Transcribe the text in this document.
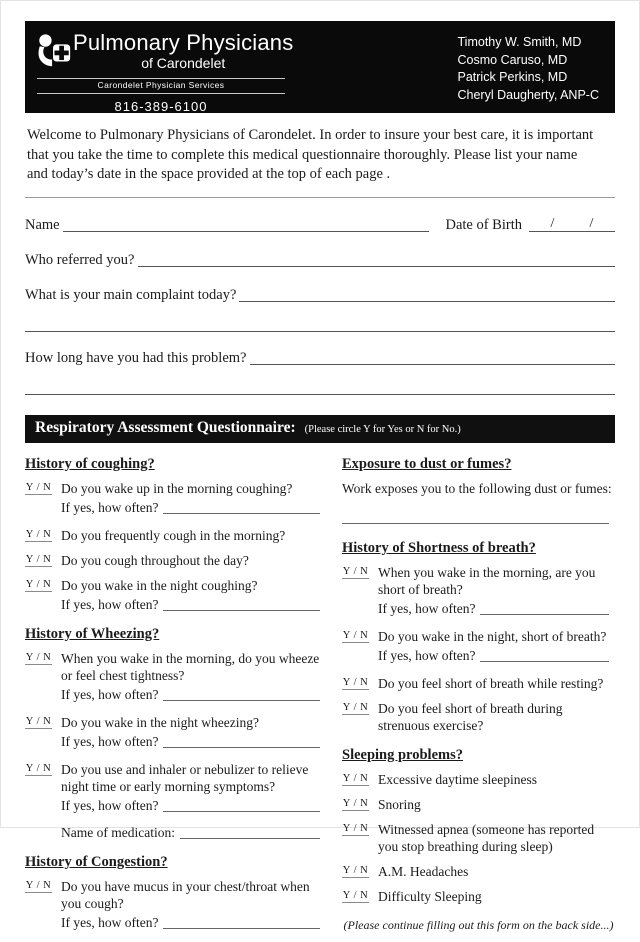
Pulmonary Physicians
of Carondelet
Carondelet Physician Services
816-389-6100
Timothy W. Smith, MD
Cosmo Caruso, MD
Patrick Perkins, MD
Cheryl Daugherty, ANP-C

Welcome to Pulmonary Physicians of Carondelet. In order to insure your best care, it is important
that you take the time to complete this medical questionnaire thoroughly. Please list your name
and today’s date in the space provided at the top of each page .

Name	Date of Birth /	/
Who referred you?
What is your main complaint today?
How long have you had this problem?
Respiratory Assessment Questionnaire: (Please circle Y for Yes or N for No.)
History of coughing?
Y / N Do you wake up in the morning coughing?
If yes, how often?
Y / N Do you frequently cough in the morning?
Y / N Do you cough throughout the day?
Y / N Do you wake in the night coughing?
If yes, how often?
History of Wheezing?
Y / N When you wake in the morning, do you wheeze or feel chest tightness?
If yes, how often?
Y / N Do you wake in the night wheezing?
If yes, how often?
Y / N Do you use and inhaler or nebulizer to relieve night time or early morning symptoms?
If yes, how often?
Name of medication:
History of Congestion?
Y / N Do you have mucus in your chest/throat when you cough?
If yes, how often?
Exposure to dust or fumes?
Work exposes you to the following dust or fumes:
History of Shortness of breath?
Y / N When you wake in the morning, are you short of breath?
If yes, how often?
Y / N Do you wake in the night, short of breath?
If yes, how often?
Y / N Do you feel short of breath while resting?
Y / N Do you feel short of breath during strenuous exercise?
Sleeping problems?
Y / N Excessive daytime sleepiness
Y / N Snoring
Y / N Witnessed apnea (someone has reported you stop breathing during sleep)
Y / N A.M. Headaches
Y / N Difficulty Sleeping

(Please continue filling out this form on the back side...)
